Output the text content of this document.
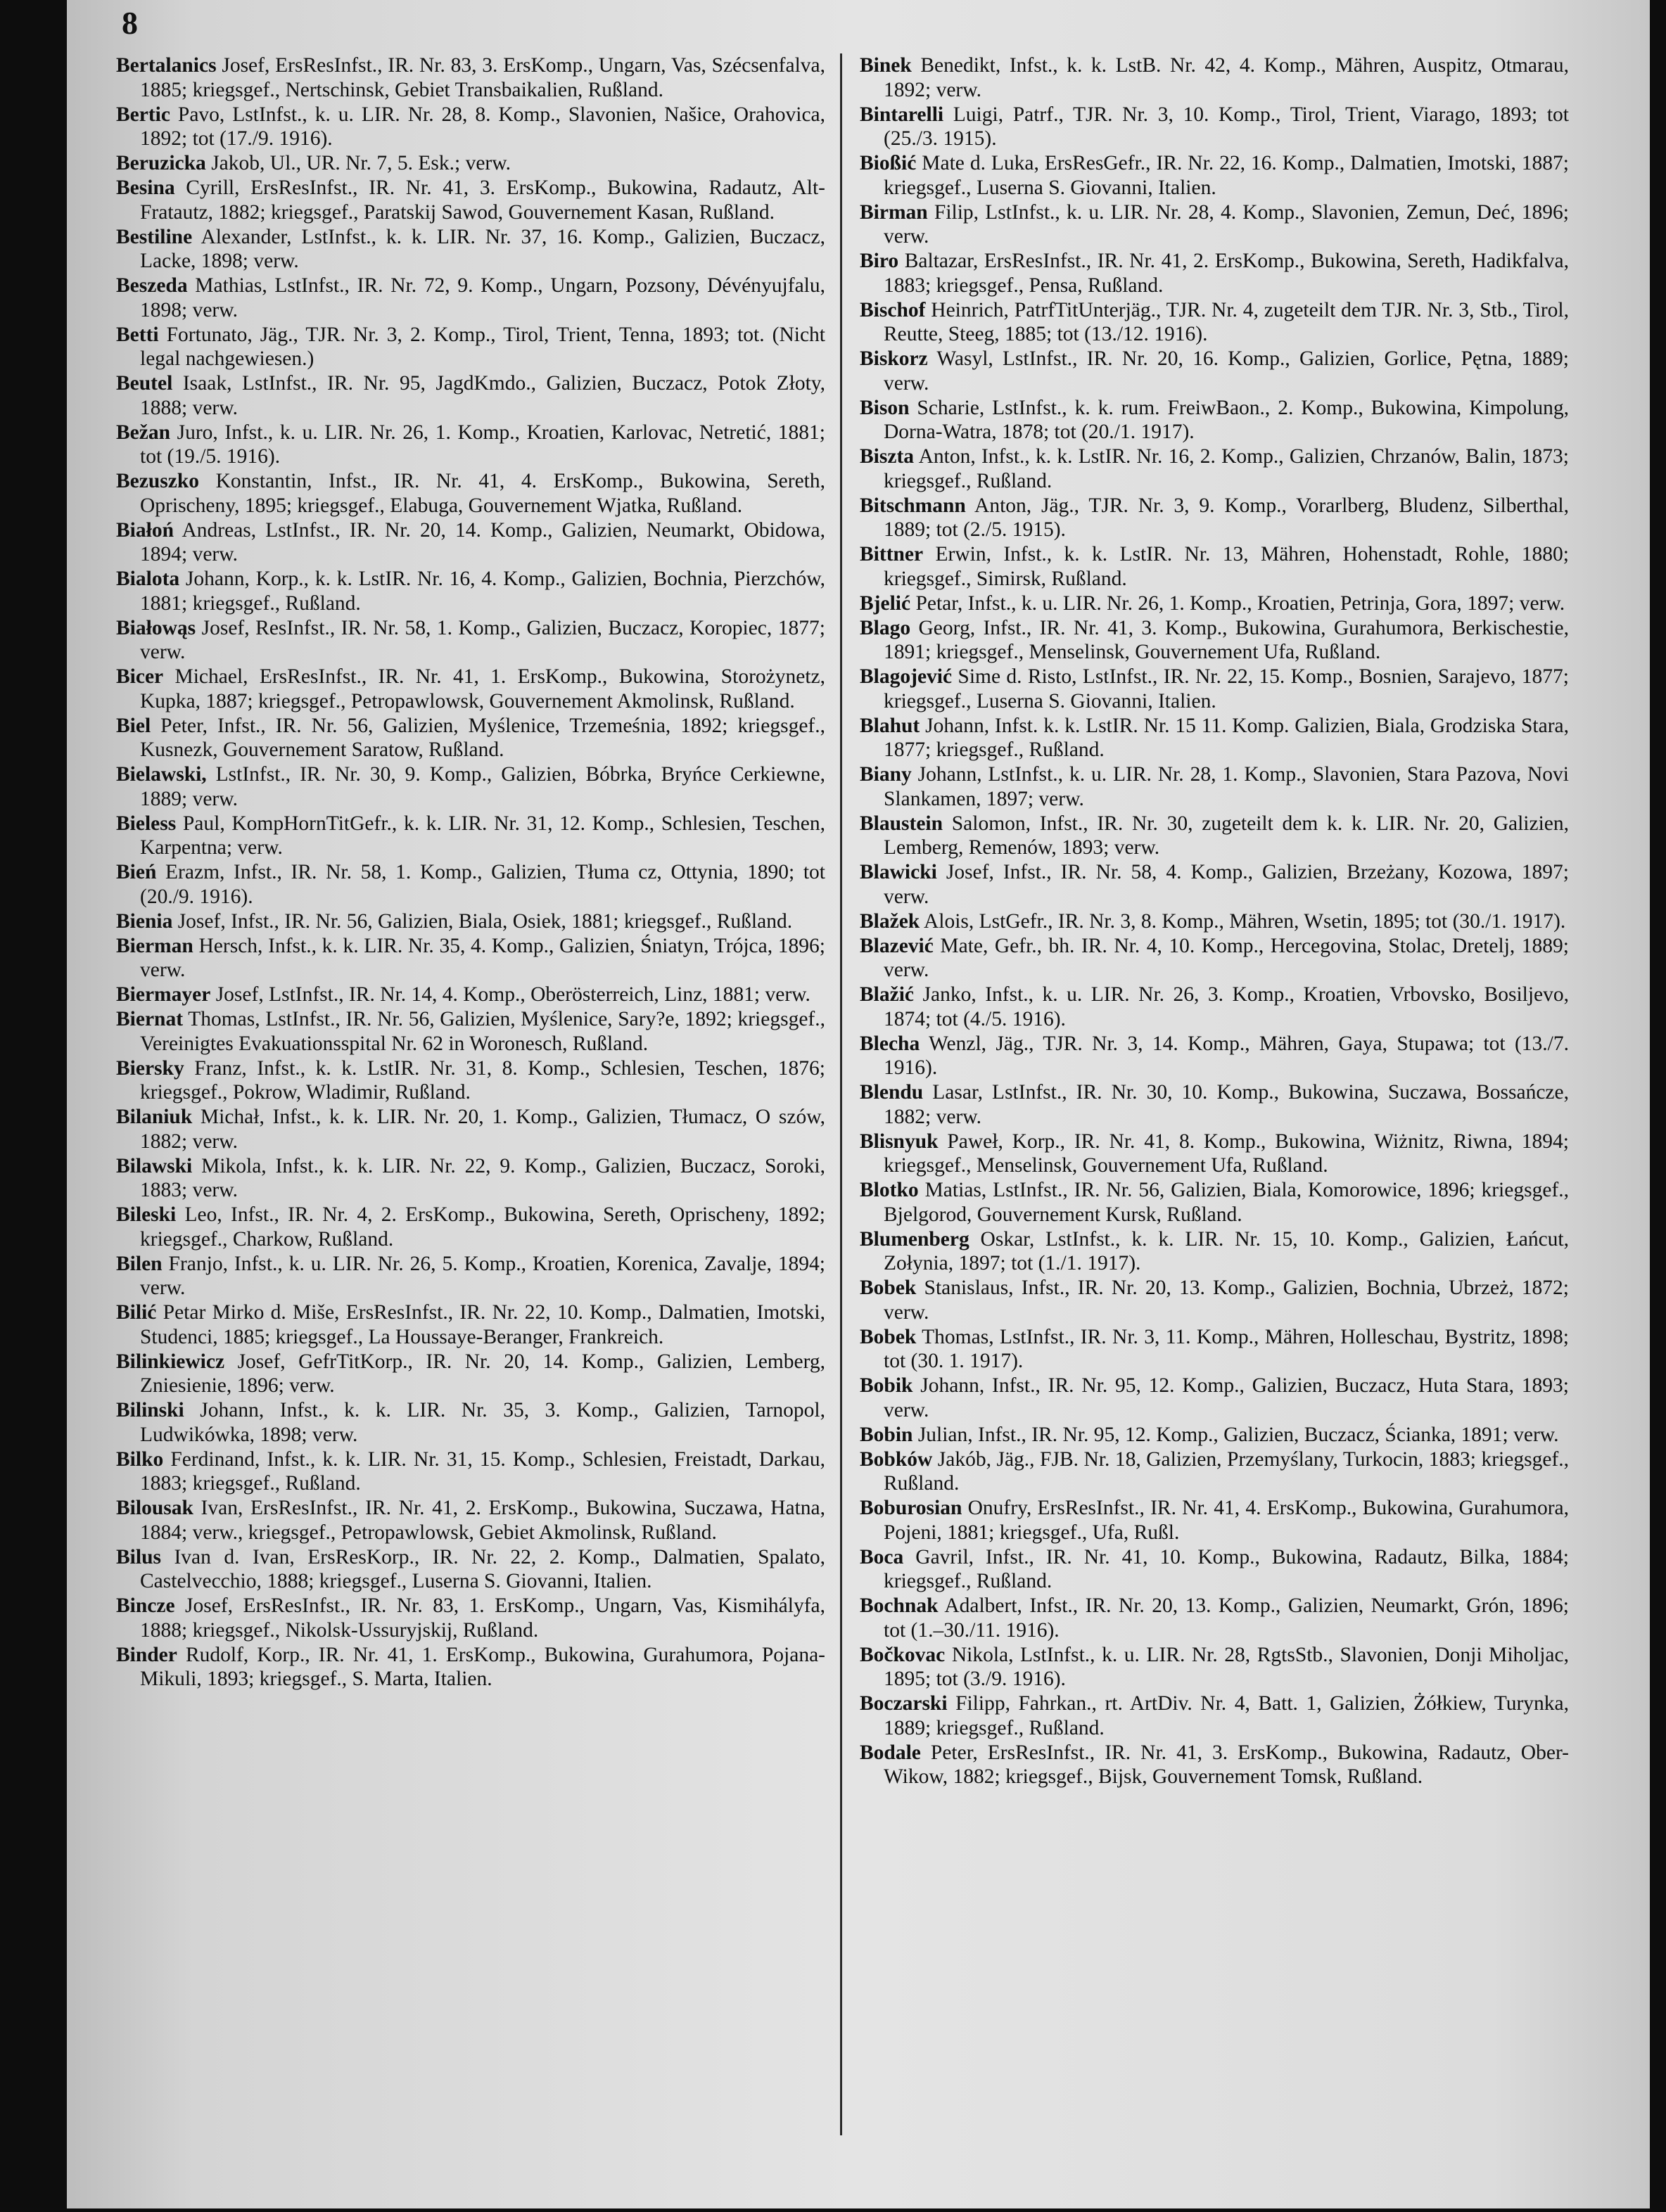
8

Bertalanics Josef, ErsResInfst., IR. Nr. 83, 3. ErsKomp., Ungarn, Vas, Szécsenfalva, 1885; kriegsgef., Nertschinsk, Gebiet Transbaikalien, Rußland.

Bertic Pavo, LstInfst., k. u. LIR. Nr. 28, 8. Komp., Slavonien, Našice, Orahovica, 1892; tot (17./9. 1916).

Beruzicka Jakob, Ul., UR. Nr. 7, 5. Esk.; verw.

Besina Cyrill, ErsResInfst., IR. Nr. 41, 3. ErsKomp., Bukowina, Radautz, Alt-Fratautz, 1882; kriegsgef., Paratskij Sawod, Gouvernement Kasan, Rußland.

Bestiline Alexander, LstInfst., k. k. LIR. Nr. 37, 16. Komp., Galizien, Buczacz, Lacke, 1898; verw.

Beszeda Mathias, LstInfst., IR. Nr. 72, 9. Komp., Ungarn, Pozsony, Dévényujfalu, 1898; verw.

Betti Fortunato, Jäg., TJR. Nr. 3, 2. Komp., Tirol, Trient, Tenna, 1893; tot. (Nicht legal nachgewiesen.)

Beutel Isaak, LstInfst., IR. Nr. 95, JagdKmdo., Galizien, Buczacz, Potok Złoty, 1888; verw.

Bežan Juro, Infst., k. u. LIR. Nr. 26, 1. Komp., Kroatien, Karlovac, Netretić, 1881; tot (19./5. 1916).

Bezuszko Konstantin, Infst., IR. Nr. 41, 4. ErsKomp., Bukowina, Sereth, Oprischeny, 1895; kriegsgef., Elabuga, Gouvernement Wjatka, Rußland.

Białoń Andreas, LstInfst., IR. Nr. 20, 14. Komp., Galizien, Neumarkt, Obidowa, 1894; verw.

Bialota Johann, Korp., k. k. LstIR. Nr. 16, 4. Komp., Galizien, Bochnia, Pierzchów, 1881; kriegsgef., Rußland.

Białowąs Josef, ResInfst., IR. Nr. 58, 1. Komp., Galizien, Buczacz, Koropiec, 1877; verw.

Bicer Michael, ErsResInfst., IR. Nr. 41, 1. ErsKomp., Bukowina, Storożynetz, Kupka, 1887; kriegsgef., Petropawlowsk, Gouvernement Akmolinsk, Rußland.

Biel Peter, Infst., IR. Nr. 56, Galizien, Myślenice, Trzemeśnia, 1892; kriegsgef., Kusnezk, Gouvernement Saratow, Rußland.

Bielawski, LstInfst., IR. Nr. 30, 9. Komp., Galizien, Bóbrka, Bryńce Cerkiewne, 1889; verw.

Bieless Paul, KompHornTitGefr., k. k. LIR. Nr. 31, 12. Komp., Schlesien, Teschen, Karpentna; verw.

Bień Erazm, Infst., IR. Nr. 58, 1. Komp., Galizien, Tłuma cz, Ottynia, 1890; tot (20./9. 1916).

Bienia Josef, Infst., IR. Nr. 56, Galizien, Biala, Osiek, 1881; kriegsgef., Rußland.

Bierman Hersch, Infst., k. k. LIR. Nr. 35, 4. Komp., Galizien, Śniatyn, Trójca, 1896; verw.

Biermayer Josef, LstInfst., IR. Nr. 14, 4. Komp., Oberösterreich, Linz, 1881; verw.

Biernat Thomas, LstInfst., IR. Nr. 56, Galizien, Myślenice, Sary?e, 1892; kriegsgef., Vereinigtes Evakuationsspital Nr. 62 in Woronesch, Rußland.

Biersky Franz, Infst., k. k. LstIR. Nr. 31, 8. Komp., Schlesien, Teschen, 1876; kriegsgef., Pokrow, Wladimir, Rußland.

Bilaniuk Michał, Infst., k. k. LIR. Nr. 20, 1. Komp., Galizien, Tłumacz, O szów, 1882; verw.

Bilawski Mikola, Infst., k. k. LIR. Nr. 22, 9. Komp., Galizien, Buczacz, Soroki, 1883; verw.

Bileski Leo, Infst., IR. Nr. 4, 2. ErsKomp., Bukowina, Sereth, Oprischeny, 1892; kriegsgef., Charkow, Rußland.

Bilen Franjo, Infst., k. u. LIR. Nr. 26, 5. Komp., Kroatien, Korenica, Zavalje, 1894; verw.

Bilić Petar Mirko d. Miše, ErsResInfst., IR. Nr. 22, 10. Komp., Dalmatien, Imotski, Studenci, 1885; kriegsgef., La Houssaye-Beranger, Frankreich.

Bilinkiewicz Josef, GefrTitKorp., IR. Nr. 20, 14. Komp., Galizien, Lemberg, Zniesienie, 1896; verw.

Bilinski Johann, Infst., k. k. LIR. Nr. 35, 3. Komp., Galizien, Tarnopol, Ludwikówka, 1898; verw.

Bilko Ferdinand, Infst., k. k. LIR. Nr. 31, 15. Komp., Schlesien, Freistadt, Darkau, 1883; kriegsgef., Rußland.

Bilousak Ivan, ErsResInfst., IR. Nr. 41, 2. ErsKomp., Bukowina, Suczawa, Hatna, 1884; verw., kriegsgef., Petropawlowsk, Gebiet Akmolinsk, Rußland.

Bilus Ivan d. Ivan, ErsResKorp., IR. Nr. 22, 2. Komp., Dalmatien, Spalato, Castelvecchio, 1888; kriegsgef., Luserna S. Giovanni, Italien.

Bincze Josef, ErsResInfst., IR. Nr. 83, 1. ErsKomp., Ungarn, Vas, Kismihályfa, 1888; kriegsgef., Nikolsk-Ussuryjskij, Rußland.

Binder Rudolf, Korp., IR. Nr. 41, 1. ErsKomp., Bukowina, Gurahumora, Pojana-Mikuli, 1893; kriegsgef., S. Marta, Italien.

Binek Benedikt, Infst., k. k. LstB. Nr. 42, 4. Komp., Mähren, Auspitz, Otmarau, 1892; verw.

Bintarelli Luigi, Patrf., TJR. Nr. 3, 10. Komp., Tirol, Trient, Viarago, 1893; tot (25./3. 1915).

Bioßić Mate d. Luka, ErsResGefr., IR. Nr. 22, 16. Komp., Dalmatien, Imotski, 1887; kriegsgef., Luserna S. Giovanni, Italien.

Birman Filip, LstInfst., k. u. LIR. Nr. 28, 4. Komp., Slavonien, Zemun, Deć, 1896; verw.

Biro Baltazar, ErsResInfst., IR. Nr. 41, 2. ErsKomp., Bukowina, Sereth, Hadikfalva, 1883; kriegsgef., Pensa, Rußland.

Bischof Heinrich, PatrfTitUnterjäg., TJR. Nr. 4, zugeteilt dem TJR. Nr. 3, Stb., Tirol, Reutte, Steeg, 1885; tot (13./12. 1916).

Biskorz Wasyl, LstInfst., IR. Nr. 20, 16. Komp., Galizien, Gorlice, Pętna, 1889; verw.

Bison Scharie, LstInfst., k. k. rum. FreiwBaon., 2. Komp., Bukowina, Kimpolung, Dorna-Watra, 1878; tot (20./1. 1917).

Biszta Anton, Infst., k. k. LstIR. Nr. 16, 2. Komp., Galizien, Chrzanów, Balin, 1873; kriegsgef., Rußland.

Bitschmann Anton, Jäg., TJR. Nr. 3, 9. Komp., Vorarlberg, Bludenz, Silberthal, 1889; tot (2./5. 1915).

Bittner Erwin, Infst., k. k. LstIR. Nr. 13, Mähren, Hohenstadt, Rohle, 1880; kriegsgef., Simirsk, Rußland.

Bjelić Petar, Infst., k. u. LIR. Nr. 26, 1. Komp., Kroatien, Petrinja, Gora, 1897; verw.

Blago Georg, Infst., IR. Nr. 41, 3. Komp., Bukowina, Gurahumora, Berkischestie, 1891; kriegsgef., Menselinsk, Gouvernement Ufa, Rußland.

Blagojević Sime d. Risto, LstInfst., IR. Nr. 22, 15. Komp., Bosnien, Sarajevo, 1877; kriegsgef., Luserna S. Giovanni, Italien.

Blahut Johann, Infst. k. k. LstIR. Nr. 15 11. Komp. Galizien, Biala, Grodziska Stara, 1877; kriegsgef., Rußland.

Biany Johann, LstInfst., k. u. LIR. Nr. 28, 1. Komp., Slavonien, Stara Pazova, Novi Slankamen, 1897; verw.

Blaustein Salomon, Infst., IR. Nr. 30, zugeteilt dem k. k. LIR. Nr. 20, Galizien, Lemberg, Remenów, 1893; verw.

Blawicki Josef, Infst., IR. Nr. 58, 4. Komp., Galizien, Brzeżany, Kozowa, 1897; verw.

Blažek Alois, LstGefr., IR. Nr. 3, 8. Komp., Mähren, Wsetin, 1895; tot (30./1. 1917).

Blazević Mate, Gefr., bh. IR. Nr. 4, 10. Komp., Hercegovina, Stolac, Dretelj, 1889; verw.

Blažić Janko, Infst., k. u. LIR. Nr. 26, 3. Komp., Kroatien, Vrbovsko, Bosiljevo, 1874; tot (4./5. 1916).

Blecha Wenzl, Jäg., TJR. Nr. 3, 14. Komp., Mähren, Gaya, Stupawa; tot (13./7. 1916).

Blendu Lasar, LstInfst., IR. Nr. 30, 10. Komp., Bukowina, Suczawa, Bossańcze, 1882; verw.

Blisnyuk Paweł, Korp., IR. Nr. 41, 8. Komp., Bukowina, Wiżnitz, Riwna, 1894; kriegsgef., Menselinsk, Gouvernement Ufa, Rußland.

Blotko Matias, LstInfst., IR. Nr. 56, Galizien, Biala, Komorowice, 1896; kriegsgef., Bjelgorod, Gouvernement Kursk, Rußland.

Blumenberg Oskar, LstInfst., k. k. LIR. Nr. 15, 10. Komp., Galizien, Łańcut, Zołynia, 1897; tot (1./1. 1917).

Bobek Stanislaus, Infst., IR. Nr. 20, 13. Komp., Galizien, Bochnia, Ubrzeż, 1872; verw.

Bobek Thomas, LstInfst., IR. Nr. 3, 11. Komp., Mähren, Holleschau, Bystritz, 1898; tot (30. 1. 1917).

Bobik Johann, Infst., IR. Nr. 95, 12. Komp., Galizien, Buczacz, Huta Stara, 1893; verw.

Bobin Julian, Infst., IR. Nr. 95, 12. Komp., Galizien, Buczacz, Ścianka, 1891; verw.

Bobków Jakób, Jäg., FJB. Nr. 18, Galizien, Przemyślany, Turkocin, 1883; kriegsgef., Rußland.

Boburosian Onufry, ErsResInfst., IR. Nr. 41, 4. ErsKomp., Bukowina, Gurahumora, Pojeni, 1881; kriegsgef., Ufa, Rußl.

Boca Gavril, Infst., IR. Nr. 41, 10. Komp., Bukowina, Radautz, Bilka, 1884; kriegsgef., Rußland.

Bochnak Adalbert, Infst., IR. Nr. 20, 13. Komp., Galizien, Neumarkt, Grón, 1896; tot (1.–30./11. 1916).

Bočkovac Nikola, LstInfst., k. u. LIR. Nr. 28, RgtsStb., Slavonien, Donji Miholjac, 1895; tot (3./9. 1916).

Boczarski Filipp, Fahrkan., rt. ArtDiv. Nr. 4, Batt. 1, Galizien, Żółkiew, Turynka, 1889; kriegsgef., Rußland.

Bodale Peter, ErsResInfst., IR. Nr. 41, 3. ErsKomp., Bukowina, Radautz, Ober-Wikow, 1882; kriegsgef., Bijsk, Gouvernement Tomsk, Rußland.
